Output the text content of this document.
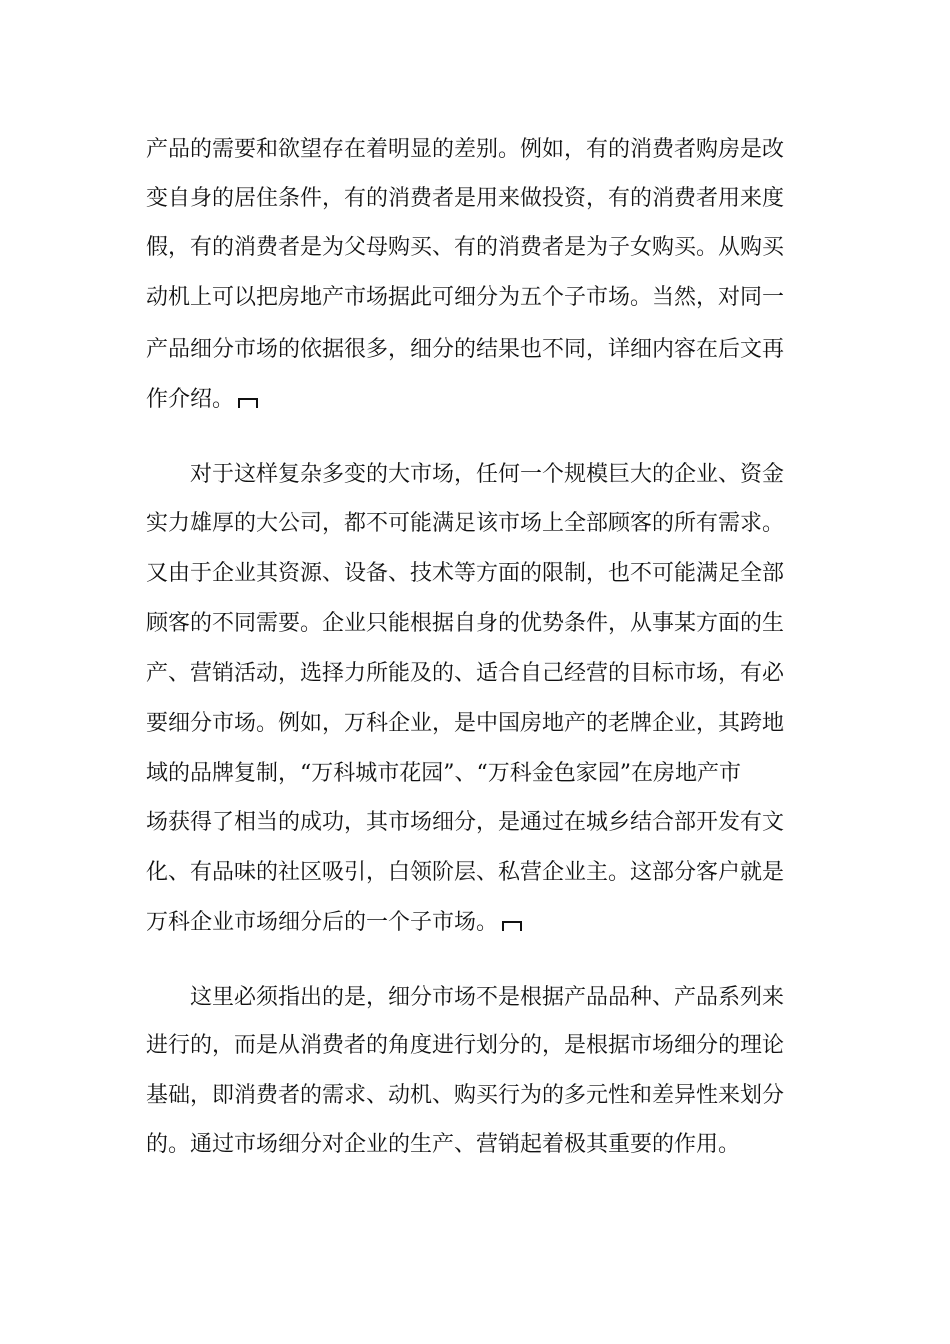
产品的需要和欲望存在着明显的差别。例如，有的消费者购房是改
变自身的居住条件，有的消费者是用来做投资，有的消费者用来度
假，有的消费者是为父母购买、有的消费者是为子女购买。从购买
动机上可以把房地产市场据此可细分为五个子市场。当然，对同一
产品细分市场的依据很多，细分的结果也不同，详细内容在后文再
作介绍。
对于这样复杂多变的大市场，任何一个规模巨大的企业、资金
实力雄厚的大公司，都不可能满足该市场上全部顾客的所有需求。
又由于企业其资源、设备、技术等方面的限制，也不可能满足全部
顾客的不同需要。企业只能根据自身的优势条件，从事某方面的生
产、营销活动，选择力所能及的、适合自己经营的目标市场，有必
要细分市场。例如，万科企业，是中国房地产的老牌企业，其跨地
域的品牌复制，“万科城市花园”、“万科金色家园”在房地产市
场获得了相当的成功，其市场细分，是通过在城乡结合部开发有文
化、有品味的社区吸引，白领阶层、私营企业主。这部分客户就是
万科企业市场细分后的一个子市场。
这里必须指出的是，细分市场不是根据产品品种、产品系列来
进行的，而是从消费者的角度进行划分的，是根据市场细分的理论
基础，即消费者的需求、动机、购买行为的多元性和差异性来划分
的。通过市场细分对企业的生产、营销起着极其重要的作用。
